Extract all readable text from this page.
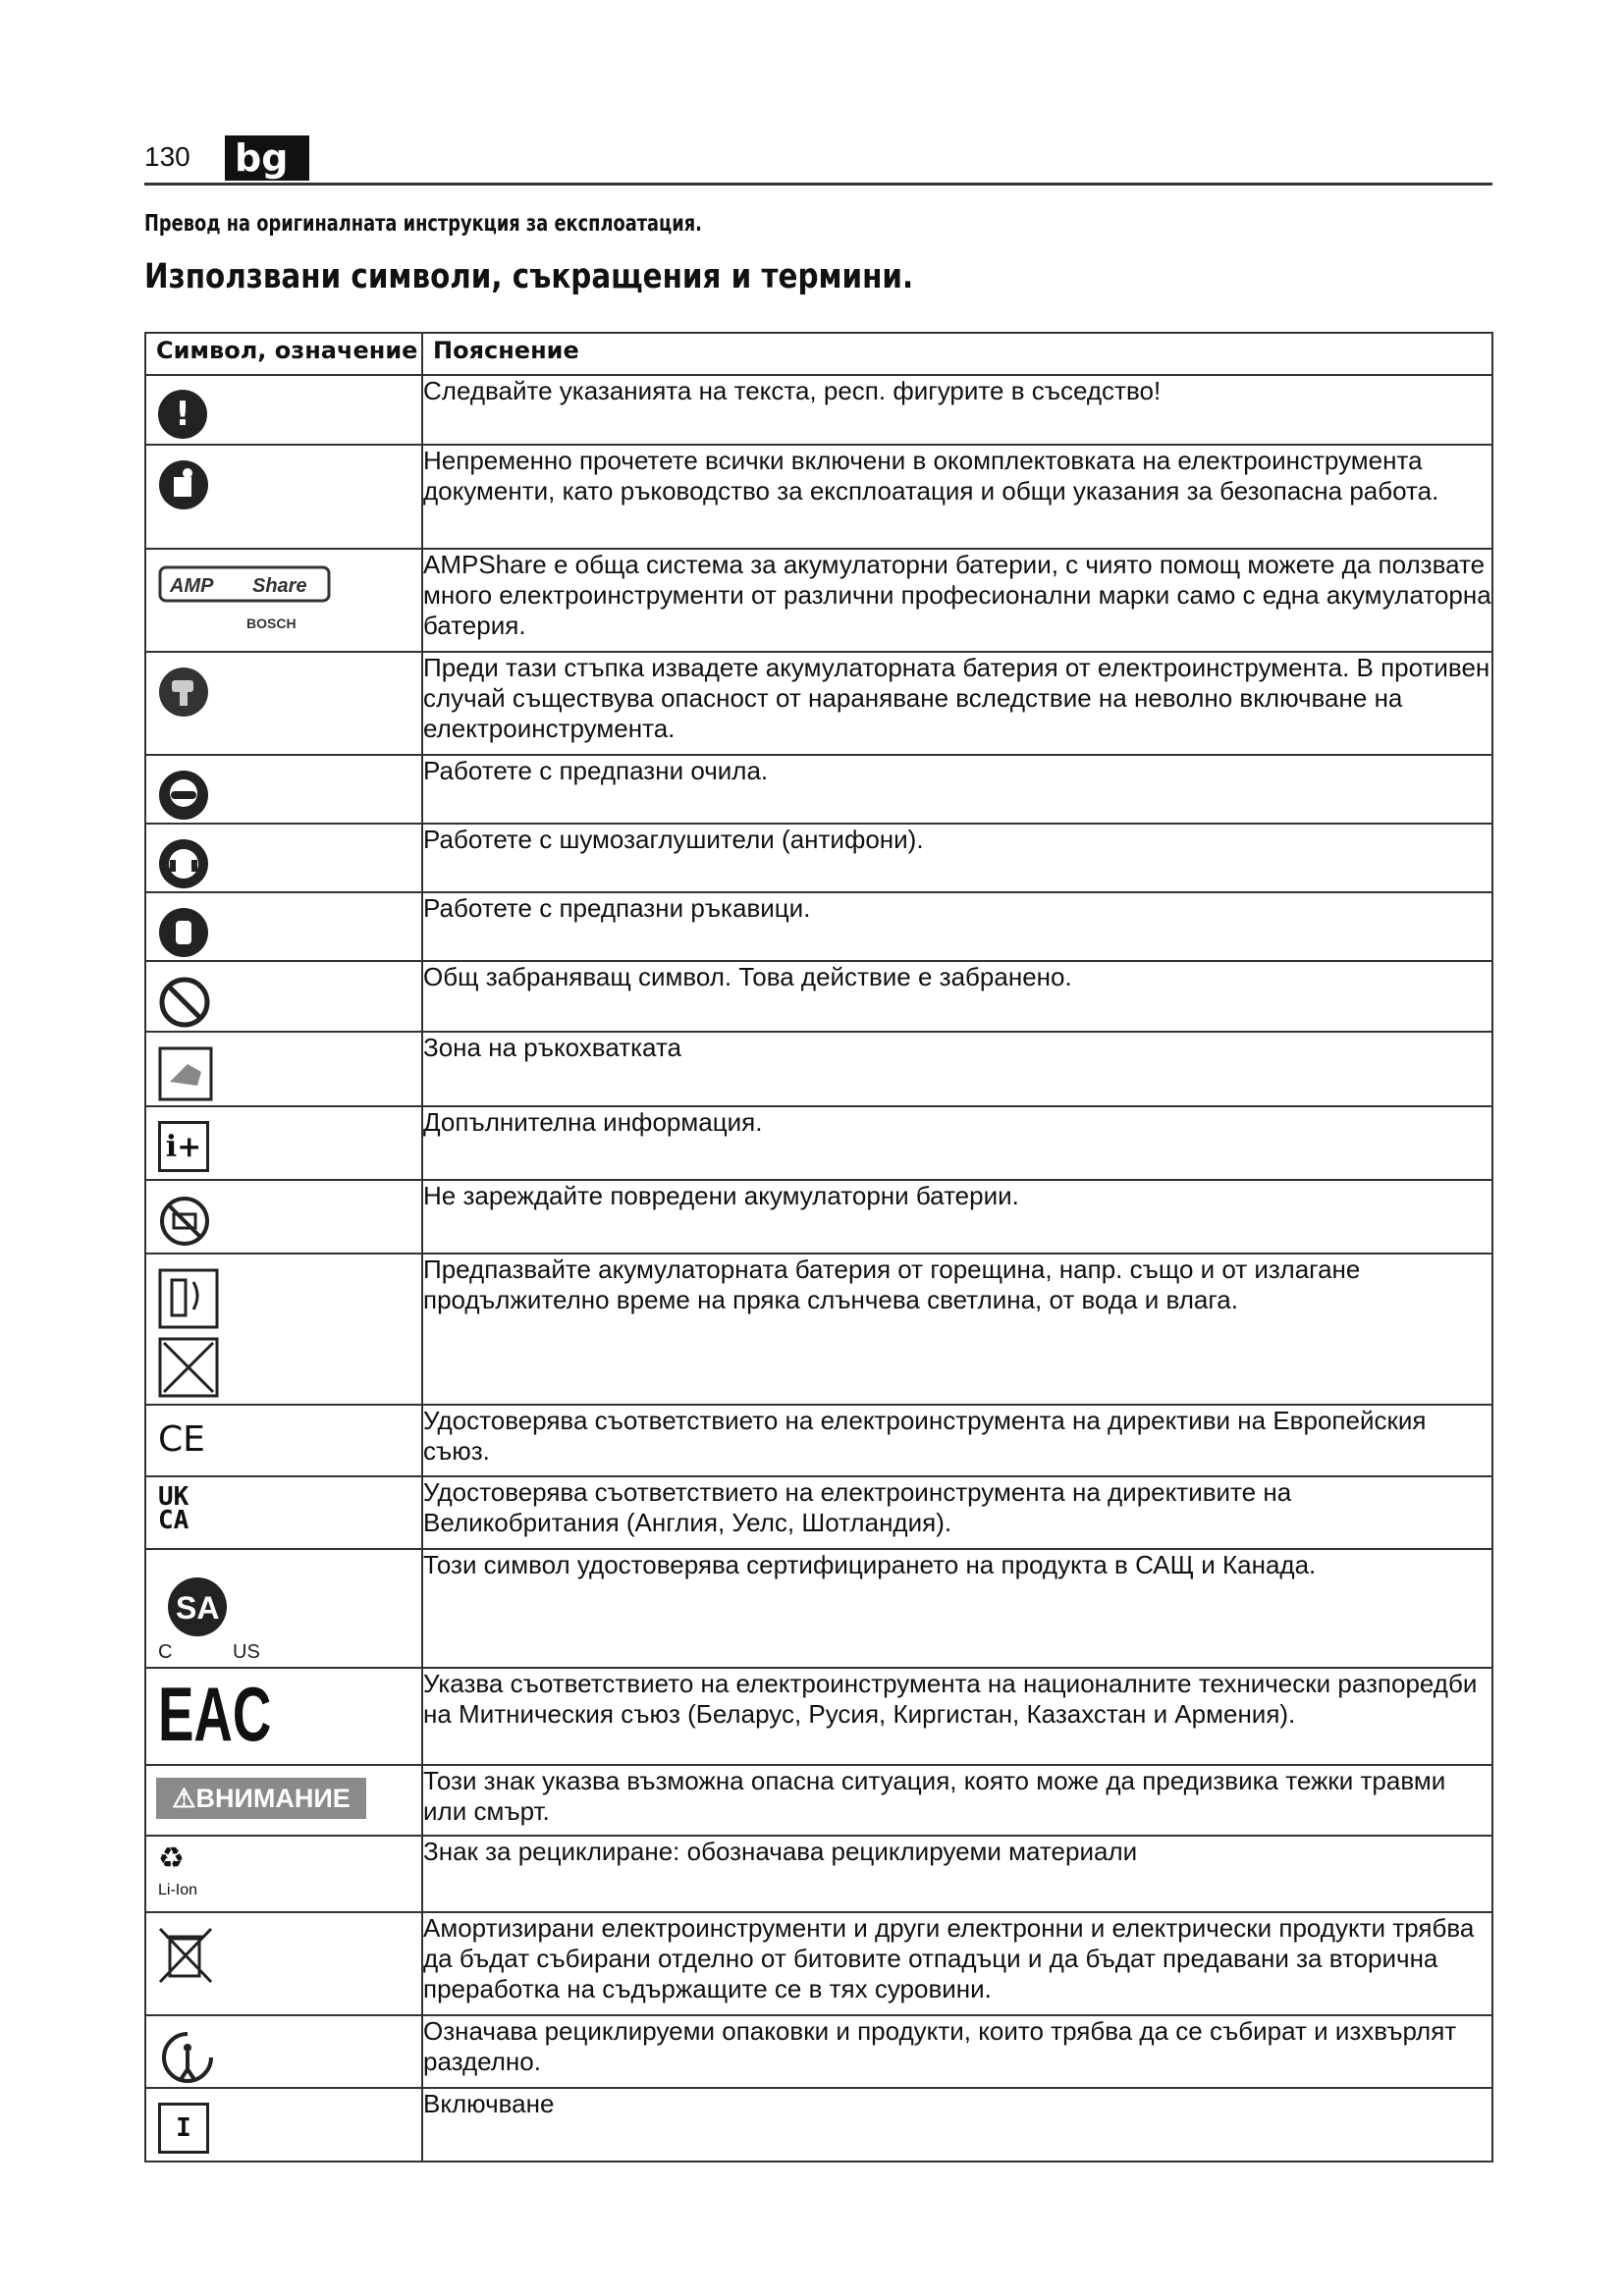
130 bg
Превод на оригиналната инструкция за експлоатация.
Използвани символи, съкращения и термини.
Символ, означение	Пояснение

!	Следвайте указанията на текста, респ. фигурите в съседство!

	Непременно прочетете всички включени в окомплектовката на електроинструмента документи, като ръководство за експлоатация и общи указания за безопасна работа.

AMP Share
BOSCH	AMPShare е обща система за акумулаторни батерии, с чиято помощ можете да ползвате много електроинструменти от различни професионални марки само с една акумулаторна батерия.

	Преди тази стъпка извадете акумулаторната батерия от електроинструмента. В противен случай съществува опасност от нараняване вследствие на неволно включване на електроинструмента.

	Работете с предпазни очила.

	Работете с шумозаглушители (антифони).

	Работете с предпазни ръкавици.

	Общ забраняващ символ. Това действие е забранено.

	Зона на ръкохватката

i+	Допълнителна информация.

	Не зареждайте повредени акумулаторни батерии.

	Предпазвайте акумулаторната батерия от горещина, напр. също и от излагане продължително време на пряка слънчева светлина, от вода и влага.

CE	Удостоверява съответствието на електроинструмента на директиви на Европейския съюз.

UK
CA	Удостоверява съответствието на електроинструмента на директивите на Великобритания (Англия, Уелс, Шотландия).

SA
C US	Този символ удостоверява сертифицирането на продукта в САЩ и Канада.

EAC	Указва съответствието на електроинструмента на националните технически разпоредби на Митническия съюз (Беларус, Русия, Киргистан, Казахстан и Армения).

⚠ ВНИМАНИЕ	Този знак указва възможна опасна ситуация, която може да предизвика тежки травми или смърт.

♻
Li-Ion	Знак за рециклиране: обозначава рециклируеми материали

	Амортизирани електроинструменти и други електронни и електрически продукти трябва да бъдат събирани отделно от битовите отпадъци и да бъдат предавани за вторична преработка на съдържащите се в тях суровини.

	Означава рециклируеми опаковки и продукти, които трябва да се събират и изхвърлят разделно.

I	Включване
